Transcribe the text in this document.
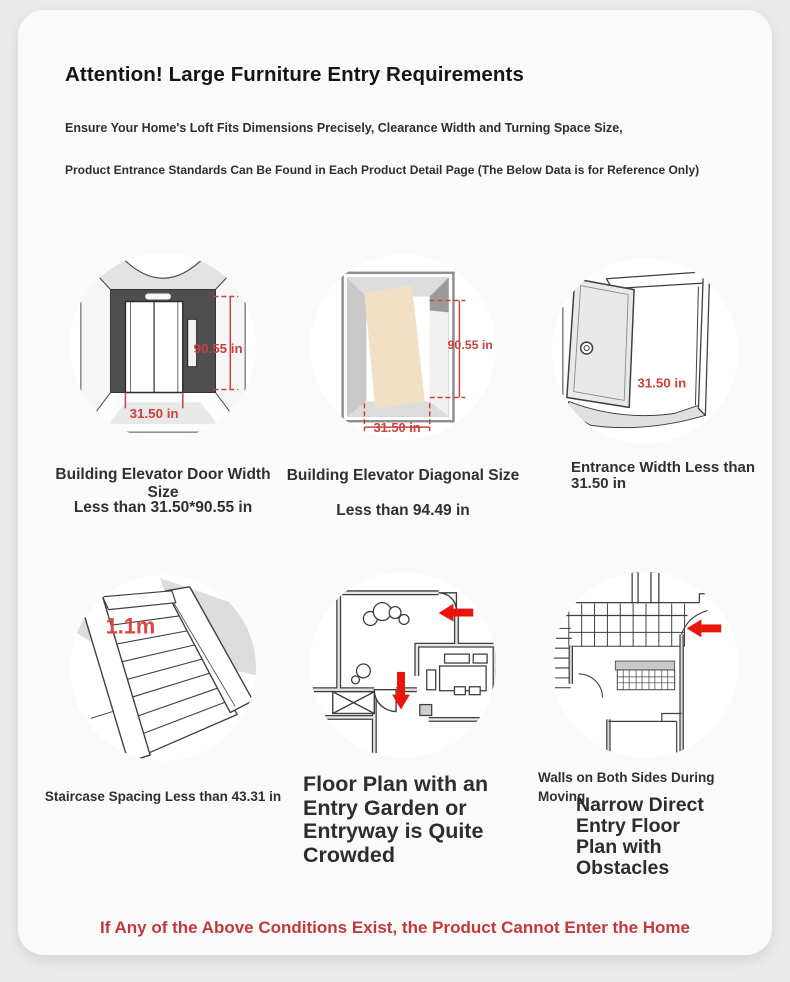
Attention! Large Furniture Entry Requirements
Ensure Your Home's Loft Fits Dimensions Precisely, Clearance Width and Turning Space Size,
Product Entrance Standards Can Be Found in Each Product Detail Page (The Below Data is for Reference Only)
90.55 in
31.50 in
90.55 in
31.50 in
31.50 in
1.1m
Building Elevator Door Width Size
Less than 31.50*90.55 in
Building Elevator Diagonal Size
Less than 94.49 in
Entrance Width Less than
31.50 in
Staircase Spacing Less than 43.31 in
Floor Plan with an
Entry Garden or
Entryway is Quite
Crowded
Walls on Both Sides During
Moving
Narrow Direct
Entry Floor
Plan with
Obstacles
If Any of the Above Conditions Exist, the Product Cannot Enter the Home
